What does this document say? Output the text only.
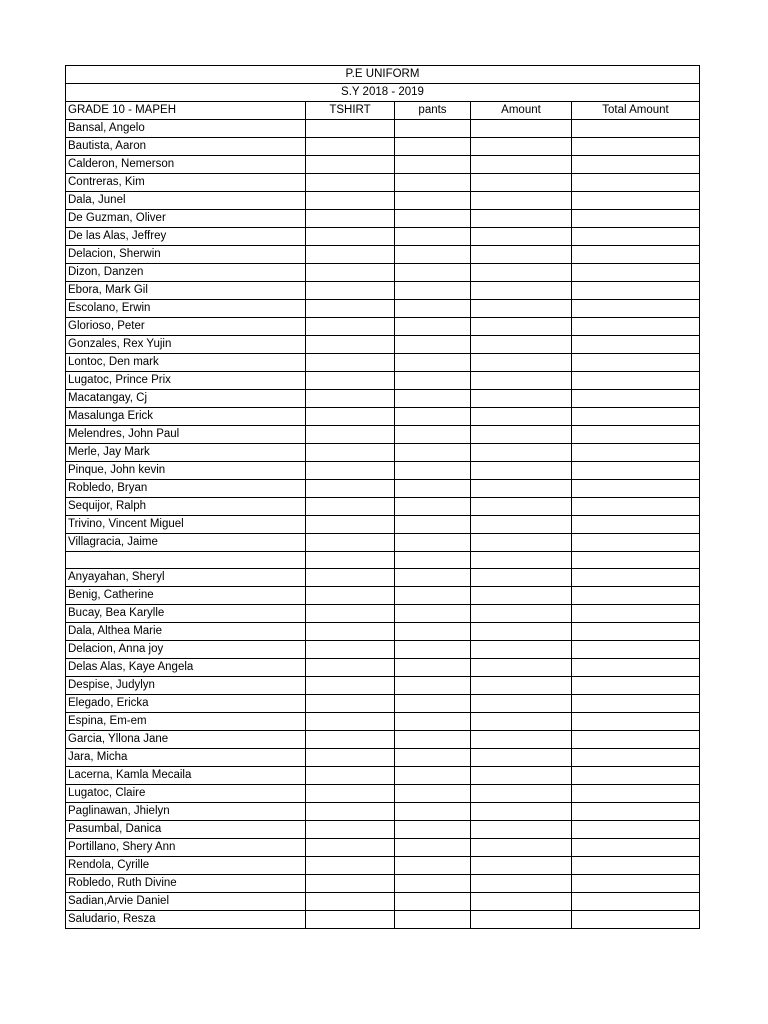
P.E UNIFORM				
S.Y 2018 - 2019				
GRADE 10 - MAPEH	TSHIRT	pants	Amount	Total Amount
Bansal, Angelo				
Bautista, Aaron				
Calderon, Nemerson				
Contreras, Kim				
Dala, Junel				
De Guzman, Oliver				
De las Alas, Jeffrey				
Delacion, Sherwin				
Dizon, Danzen				
Ebora, Mark Gil				
Escolano, Erwin				
Glorioso, Peter				
Gonzales, Rex Yujin				
Lontoc, Den mark				
Lugatoc, Prince Prix				
Macatangay, Cj				
Masalunga Erick				
Melendres, John Paul				
Merle, Jay Mark				
Pinque, John kevin				
Robledo, Bryan				
Sequijor, Ralph				
Trivino, Vincent Miguel				
Villagracia, Jaime				

Anyayahan, Sheryl				
Benig, Catherine				
Bucay, Bea Karylle				
Dala, Althea Marie				
Delacion, Anna joy				
Delas Alas, Kaye Angela				
Despise, Judylyn				
Elegado, Ericka				
Espina, Em-em				
Garcia, Yllona Jane				
Jara, Micha				
Lacerna, Kamla Mecaila				
Lugatoc, Claire				
Paglinawan, Jhielyn				
Pasumbal, Danica				
Portillano, Shery Ann				
Rendola, Cyrille				
Robledo, Ruth Divine				
Sadian,Arvie Daniel				
Saludario, Resza				
